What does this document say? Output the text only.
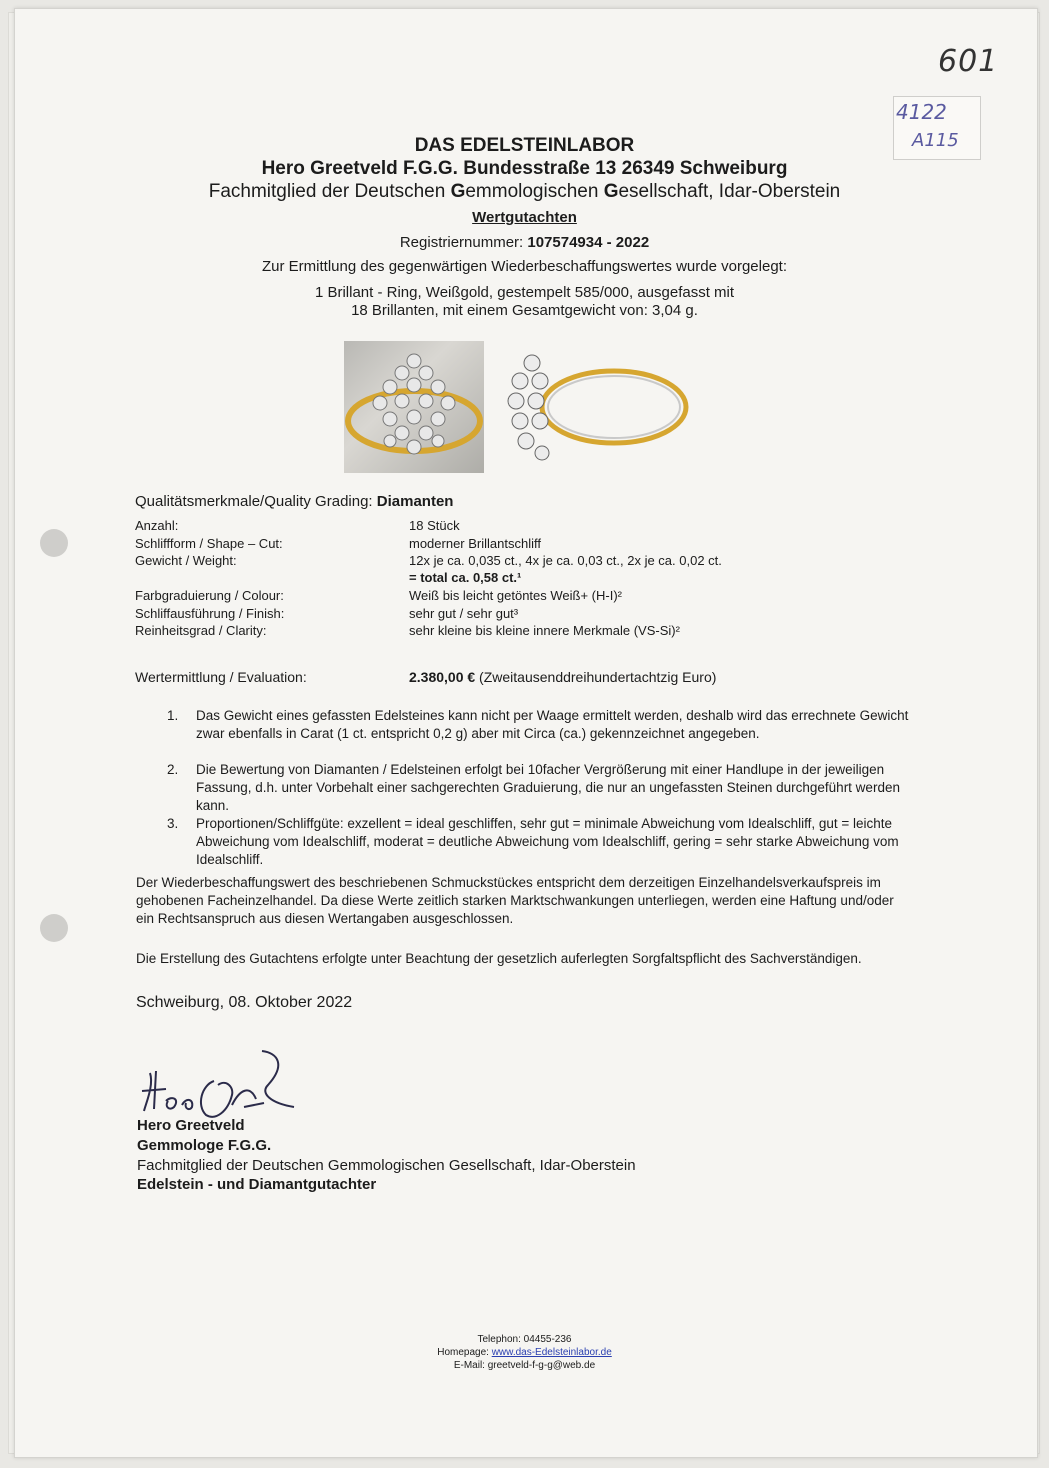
601
4122
A115
DAS EDELSTEINLABOR
Hero Greetveld F.G.G. Bundesstraße 13 26349 Schweiburg
Fachmitglied der Deutschen Gemmologischen Gesellschaft, Idar-Oberstein
Wertgutachten
Registriernummer: 107574934 - 2022
Zur Ermittlung des gegenwärtigen Wiederbeschaffungswertes wurde vorgelegt:
1 Brillant - Ring, Weißgold, gestempelt 585/000, ausgefasst mit
18 Brillanten, mit einem Gesamtgewicht von: 3,04 g.
Qualitätsmerkmale/Quality Grading: Diamanten
Anzahl:	18 Stück
Schliffform / Shape – Cut:	moderner Brillantschliff
Gewicht / Weight:	12x je ca. 0,035 ct., 4x je ca. 0,03 ct., 2x je ca. 0,02 ct.
= total ca. 0,58 ct.¹
Farbgraduierung / Colour:	Weiß bis leicht getöntes Weiß+ (H-I)²
Schliffausführung / Finish:	sehr gut / sehr gut³
Reinheitsgrad / Clarity:	sehr kleine bis kleine innere Merkmale (VS-Si)²
Wertermittlung / Evaluation:	2.380,00 € (Zweitausenddreihundertachtzig Euro)
1. Das Gewicht eines gefassten Edelsteines kann nicht per Waage ermittelt werden, deshalb wird das errechnete Gewicht zwar ebenfalls in Carat (1 ct. entspricht 0,2 g) aber mit Circa (ca.) gekennzeichnet angegeben.
2. Die Bewertung von Diamanten / Edelsteinen erfolgt bei 10facher Vergrößerung mit einer Handlupe in der jeweiligen Fassung, d.h. unter Vorbehalt einer sachgerechten Graduierung, die nur an ungefassten Steinen durchgeführt werden kann.
3. Proportionen/Schliffgüte: exzellent = ideal geschliffen, sehr gut = minimale Abweichung vom Idealschliff, gut = leichte Abweichung vom Idealschliff, moderat = deutliche Abweichung vom Idealschliff, gering = sehr starke Abweichung vom Idealschliff.
Der Wiederbeschaffungswert des beschriebenen Schmuckstückes entspricht dem derzeitigen Einzelhandelsverkaufspreis im gehobenen Facheinzelhandel. Da diese Werte zeitlich starken Marktschwankungen unterliegen, werden eine Haftung und/oder ein Rechtsanspruch aus diesen Wertangaben ausgeschlossen.
Die Erstellung des Gutachtens erfolgte unter Beachtung der gesetzlich auferlegten Sorgfaltspflicht des Sachverständigen.
Schweiburg, 08. Oktober 2022
Hero Greetveld
Gemmologe F.G.G.
Fachmitglied der Deutschen Gemmologischen Gesellschaft, Idar-Oberstein
Edelstein - und Diamantgutachter
Telephon: 04455-236
Homepage: www.das-Edelsteinlabor.de
E-Mail: greetveld-f-g-g@web.de
